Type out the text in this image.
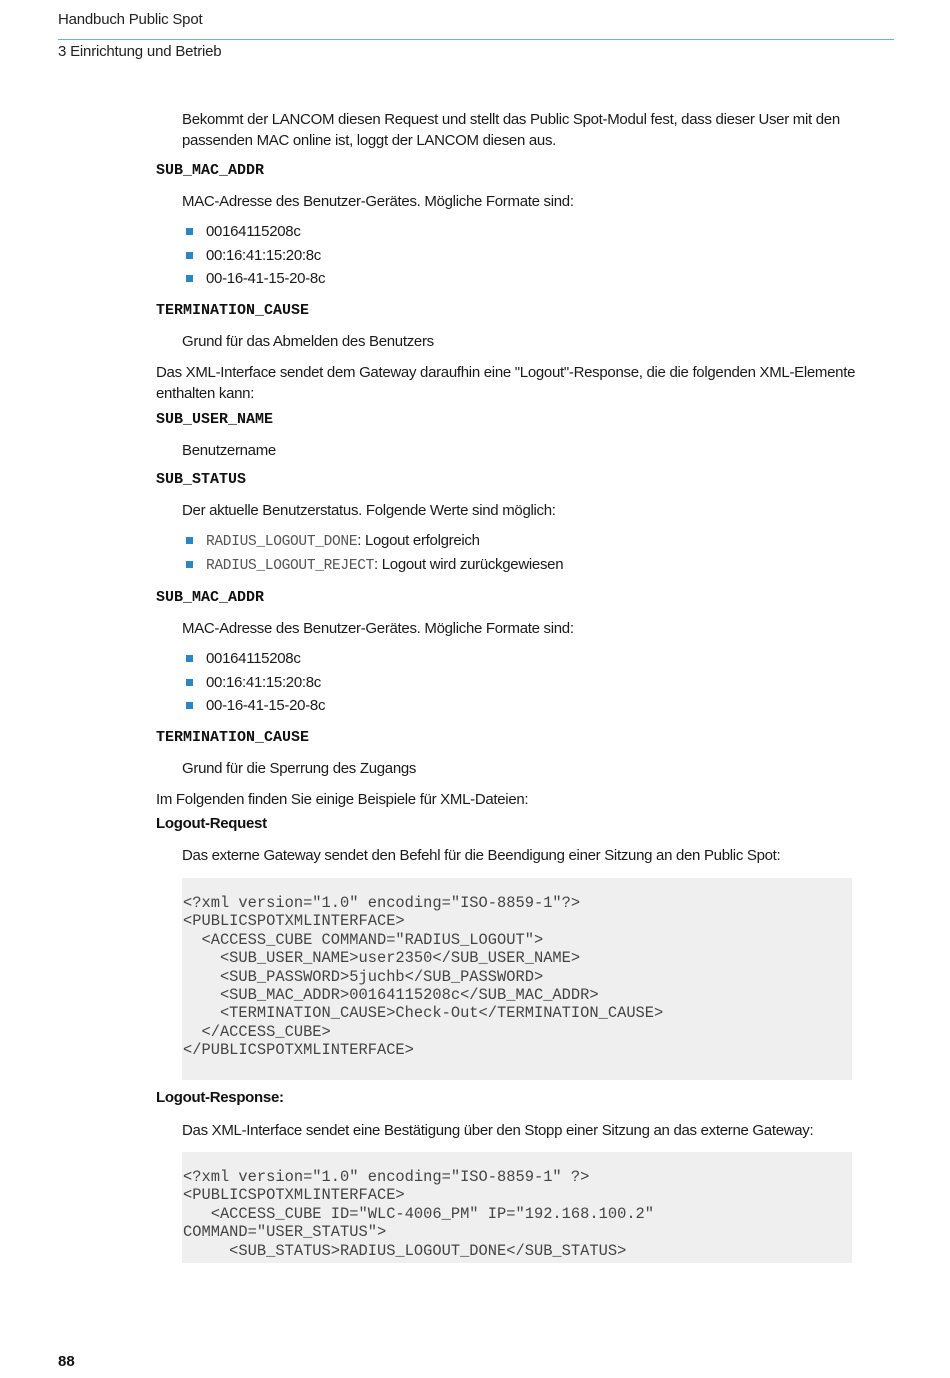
Handbuch Public Spot
3 Einrichtung und Betrieb
Bekommt der LANCOM diesen Request und stellt das Public Spot-Modul fest, dass dieser User mit den passenden MAC online ist, loggt der LANCOM diesen aus.
SUB_MAC_ADDR
MAC-Adresse des Benutzer-Gerätes. Mögliche Formate sind:
00164115208c
00:16:41:15:20:8c
00-16-41-15-20-8c
TERMINATION_CAUSE
Grund für das Abmelden des Benutzers
Das XML-Interface sendet dem Gateway daraufhin eine "Logout"-Response, die die folgenden XML-Elemente enthalten kann:
SUB_USER_NAME
Benutzername
SUB_STATUS
Der aktuelle Benutzerstatus. Folgende Werte sind möglich:
RADIUS_LOGOUT_DONE: Logout erfolgreich
RADIUS_LOGOUT_REJECT: Logout wird zurückgewiesen
SUB_MAC_ADDR
MAC-Adresse des Benutzer-Gerätes. Mögliche Formate sind:
00164115208c
00:16:41:15:20:8c
00-16-41-15-20-8c
TERMINATION_CAUSE
Grund für die Sperrung des Zugangs
Im Folgenden finden Sie einige Beispiele für XML-Dateien:
Logout-Request
Das externe Gateway sendet den Befehl für die Beendigung einer Sitzung an den Public Spot:
<?xml version="1.0" encoding="ISO-8859-1"?>
<PUBLICSPOTXMLINTERFACE>
<ACCESS_CUBE COMMAND="RADIUS_LOGOUT">
<SUB_USER_NAME>user2350</SUB_USER_NAME>
<SUB_PASSWORD>5juchb</SUB_PASSWORD>
<SUB_MAC_ADDR>00164115208c</SUB_MAC_ADDR>
<TERMINATION_CAUSE>Check-Out</TERMINATION_CAUSE>
</ACCESS_CUBE>
</PUBLICSPOTXMLINTERFACE>
Logout-Response:
Das XML-Interface sendet eine Bestätigung über den Stopp einer Sitzung an das externe Gateway:
<?xml version="1.0" encoding="ISO-8859-1" ?>
<PUBLICSPOTXMLINTERFACE>
<ACCESS_CUBE ID="WLC-4006_PM" IP="192.168.100.2"
COMMAND="USER_STATUS">
<SUB_STATUS>RADIUS_LOGOUT_DONE</SUB_STATUS>
88
